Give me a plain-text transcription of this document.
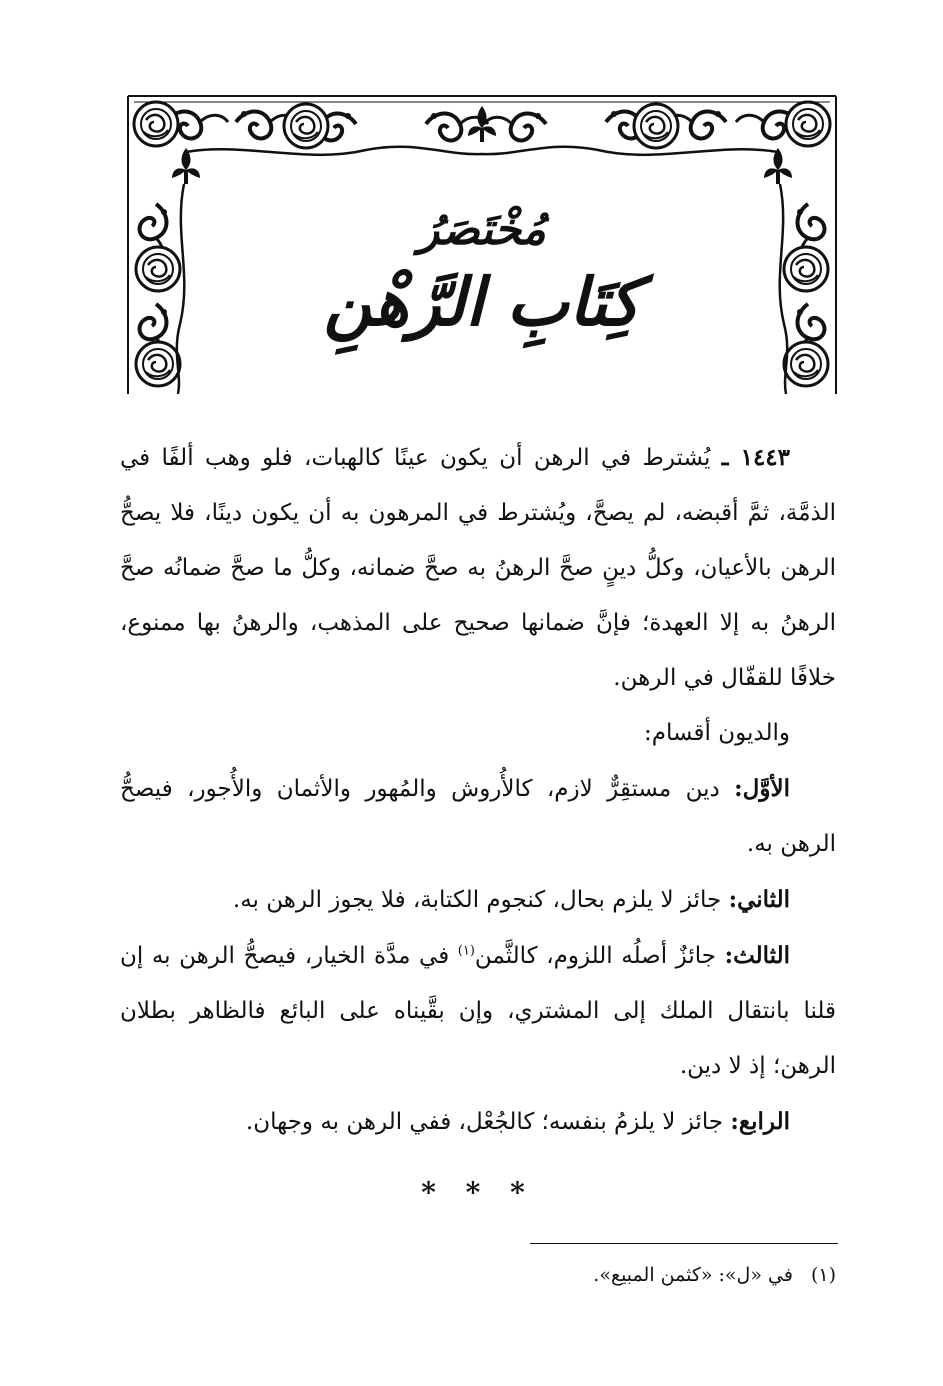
مُخْتَصَرُ

كِتَابِ الرَّهْنِ

١٤٤٣ ـ يُشترط في الرهن أن يكون عينًا كالهبات، فلو وهب ألفًا في الذمَّة، ثمَّ أقبضه، لم يصحَّ، ويُشترط في المرهون به أن يكون دينًا، فلا يصحُّ الرهن بالأعيان، وكلُّ دينٍ صحَّ الرهنُ به صحَّ ضمانه، وكلُّ ما صحَّ ضمانُه صحَّ الرهنُ به إلا العهدة؛ فإنَّ ضمانها صحيح على المذهب، والرهنُ بها ممنوع، خلافًا للقفّال في الرهن.

والديون أقسام:

الأوَّل: دين مستقِرٌّ لازم، كالأُروش والمُهور والأثمان والأُجور، فيصحُّ الرهن به.

الثاني: جائز لا يلزم بحال، كنجوم الكتابة، فلا يجوز الرهن به.

الثالث: جائزٌ أصلُه اللزوم، كالثَّمن$^{(١)}$ في مدَّة الخيار، فيصحُّ الرهن به إن قلنا بانتقال الملك إلى المشتري، وإن بقَّيناه على البائع فالظاهر بطلان الرهن؛ إذ لا دين.

الرابع: جائز لا يلزمُ بنفسه؛ كالجُعْل، ففي الرهن به وجهان.

* * *
(١)في «ل»: «كثمن المبيع».
